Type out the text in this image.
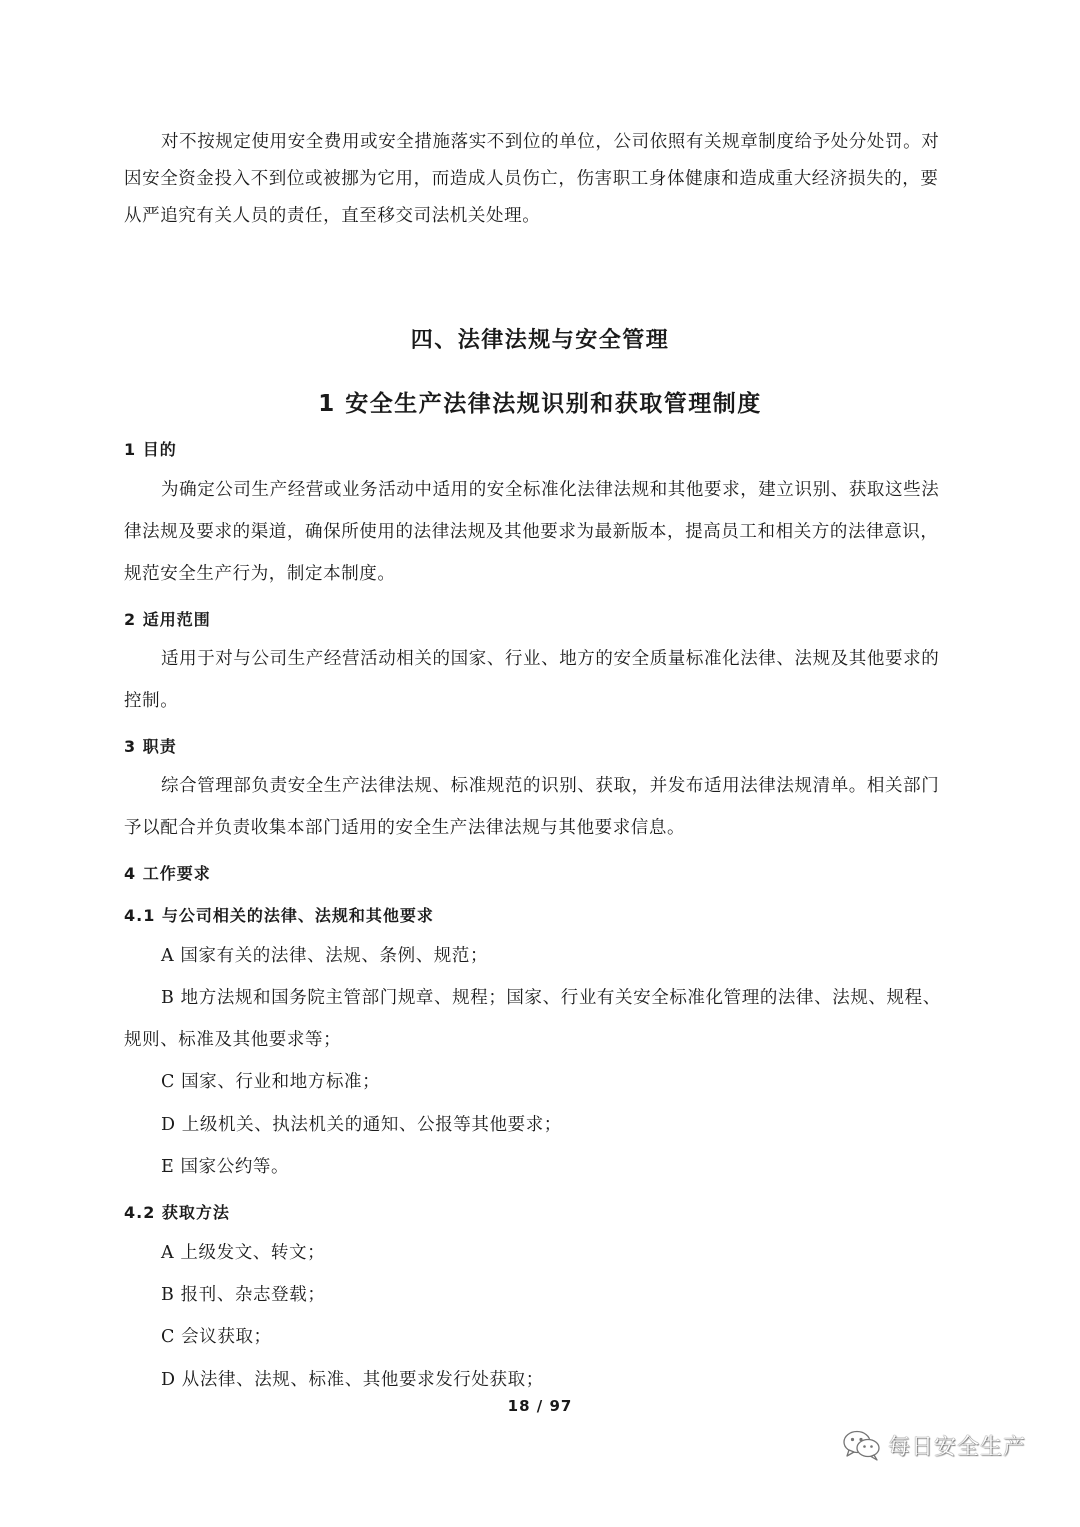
对不按规定使用安全费用或安全措施落实不到位的单位，公司依照有关规章制度给予处分处罚。对
因安全资金投入不到位或被挪为它用，而造成人员伤亡，伤害职工身体健康和造成重大经济损失的，要
从严追究有关人员的责任，直至移交司法机关处理。
四、法律法规与安全管理
1 安全生产法律法规识别和获取管理制度
1 目的
为确定公司生产经营或业务活动中适用的安全标准化法律法规和其他要求，建立识别、获取这些法
律法规及要求的渠道，确保所使用的法律法规及其他要求为最新版本，提高员工和相关方的法律意识，
规范安全生产行为，制定本制度。
2 适用范围
适用于对与公司生产经营活动相关的国家、行业、地方的安全质量标准化法律、法规及其他要求的
控制。
3 职责
综合管理部负责安全生产法律法规、标准规范的识别、获取，并发布适用法律法规清单。相关部门
予以配合并负责收集本部门适用的安全生产法律法规与其他要求信息。
4 工作要求
4.1 与公司相关的法律、法规和其他要求
A 国家有关的法律、法规、条例、规范；
B 地方法规和国务院主管部门规章、规程；国家、行业有关安全标准化管理的法律、法规、规程、
规则、标准及其他要求等；
C 国家、行业和地方标准；
D 上级机关、执法机关的通知、公报等其他要求；
E 国家公约等。
4.2 获取方法
A 上级发文、转文；
B 报刊、杂志登载；
C 会议获取；
D 从法律、法规、标准、其他要求发行处获取；
18 / 97
每日安全生产
